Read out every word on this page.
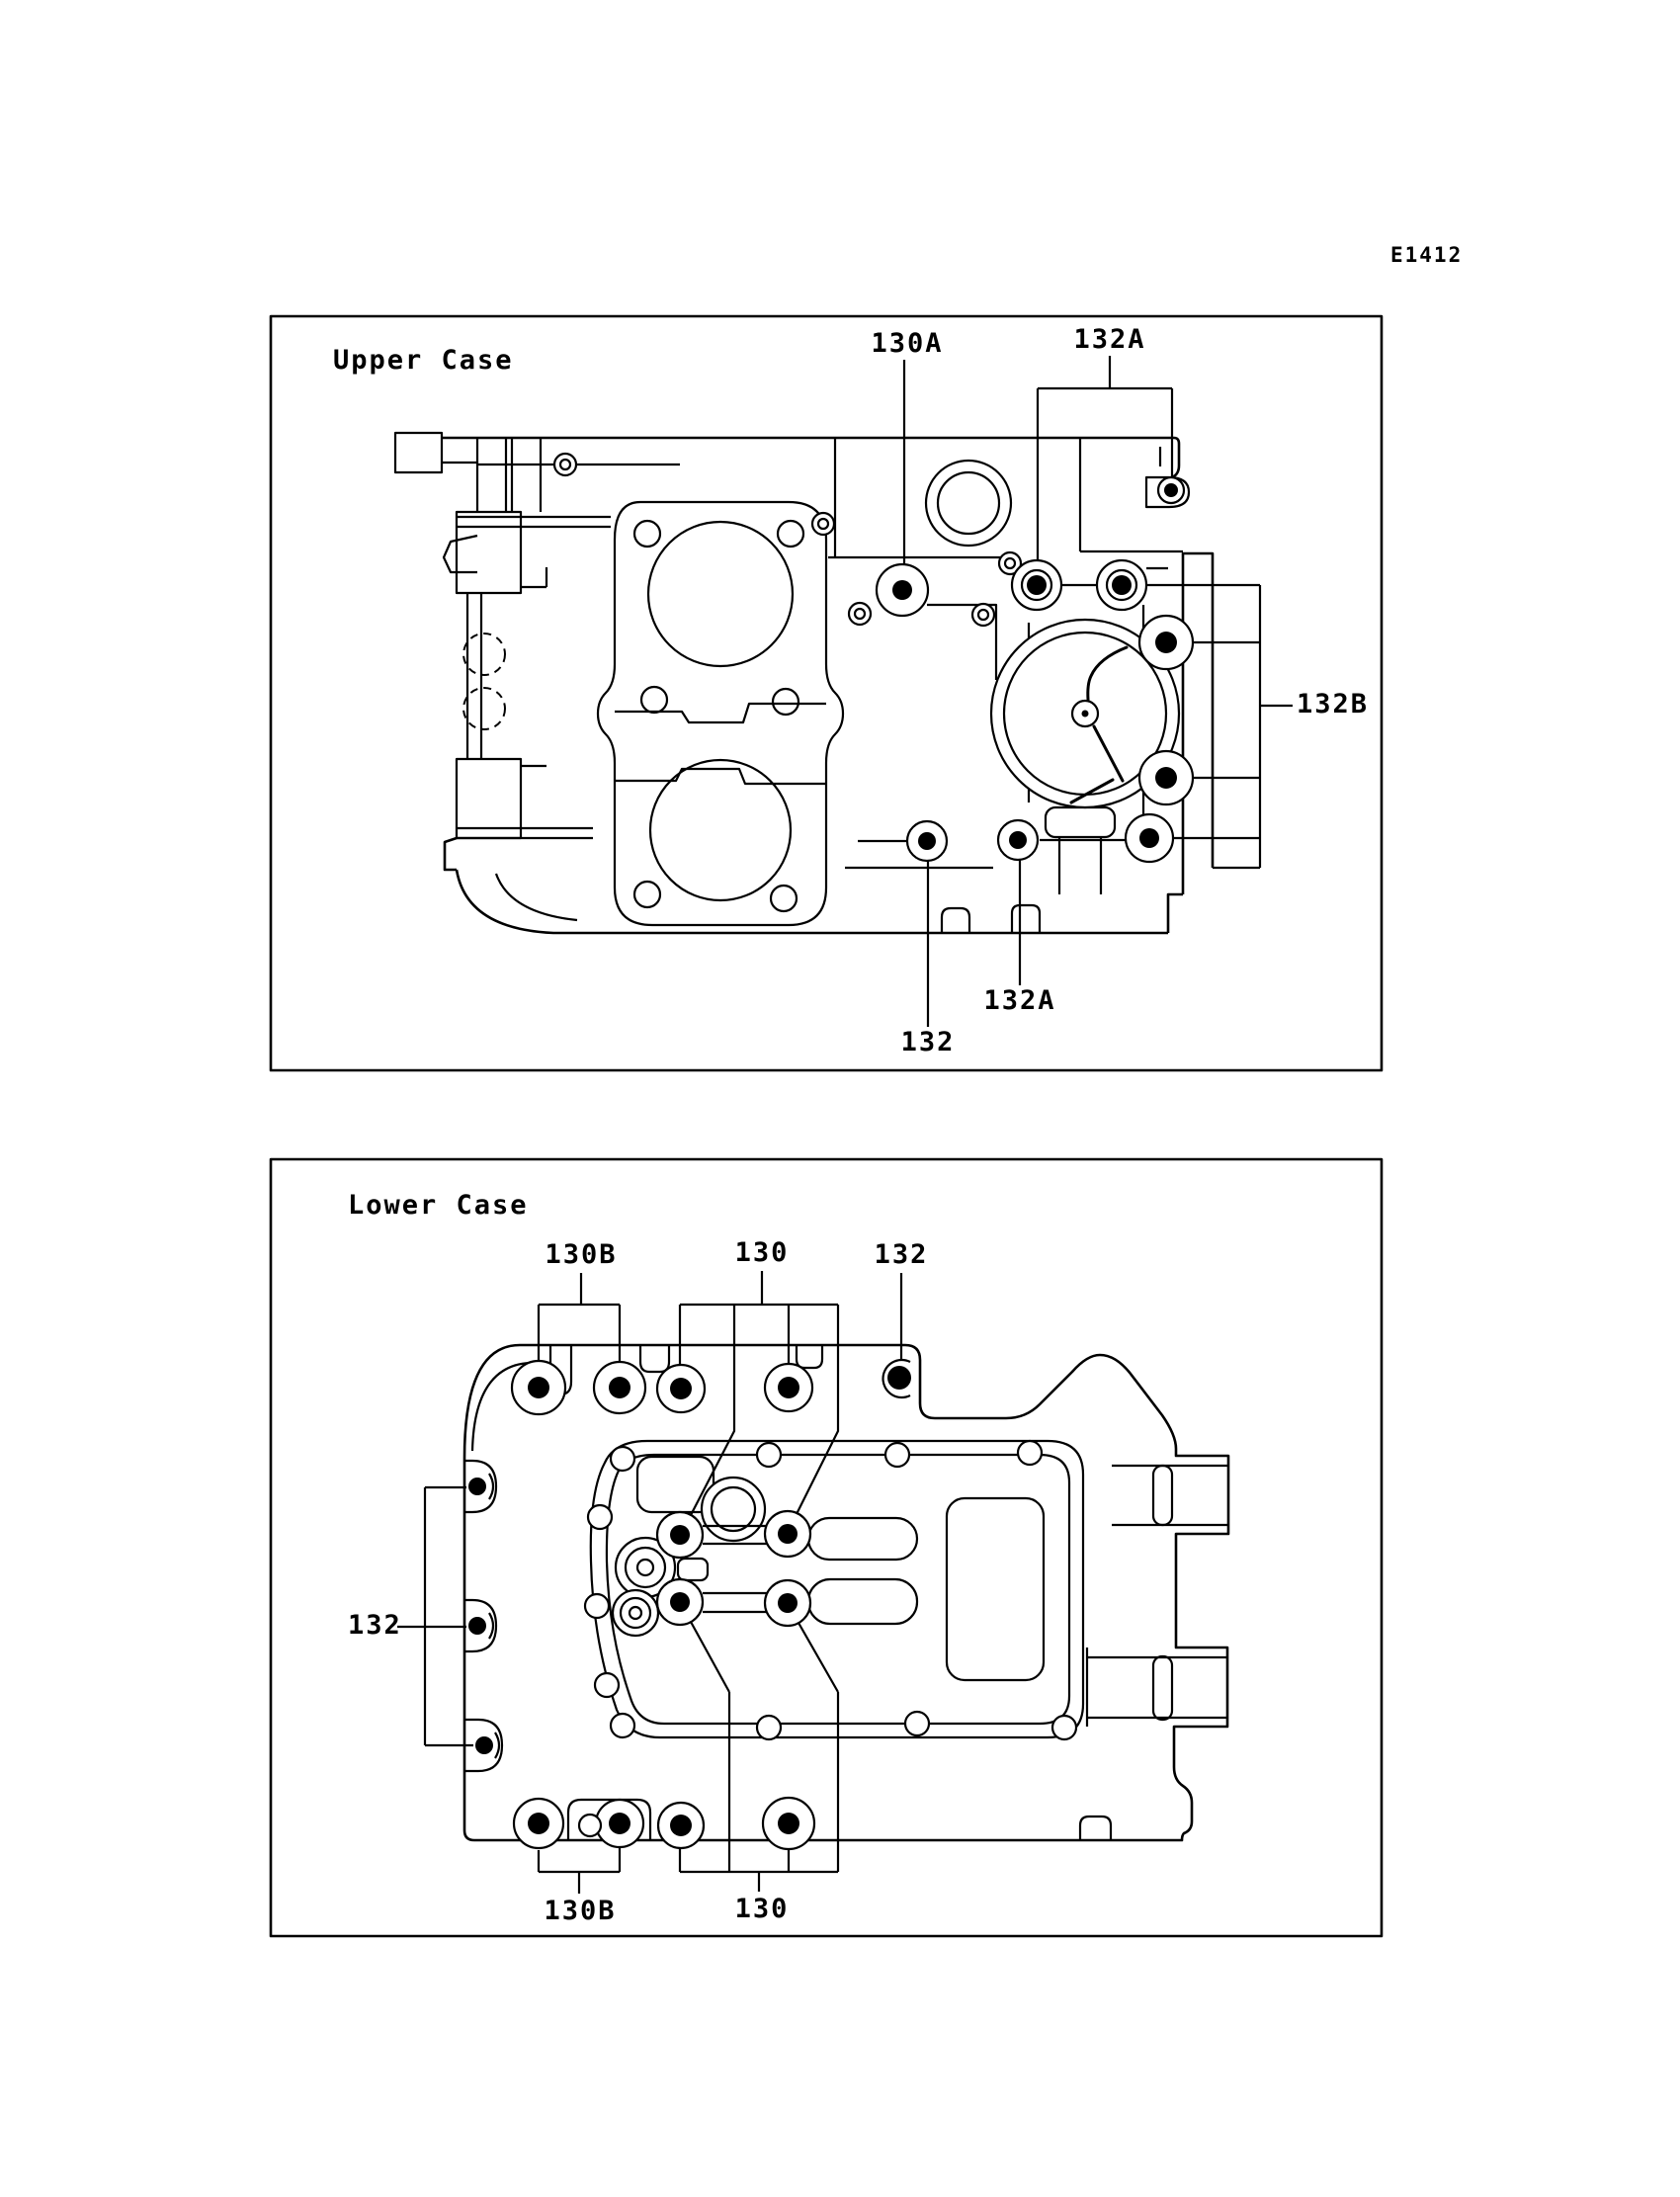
E1412
Upper Case
130A	132A
132B
132A
132
Lower Case
130B	130	132
132
130B	130
